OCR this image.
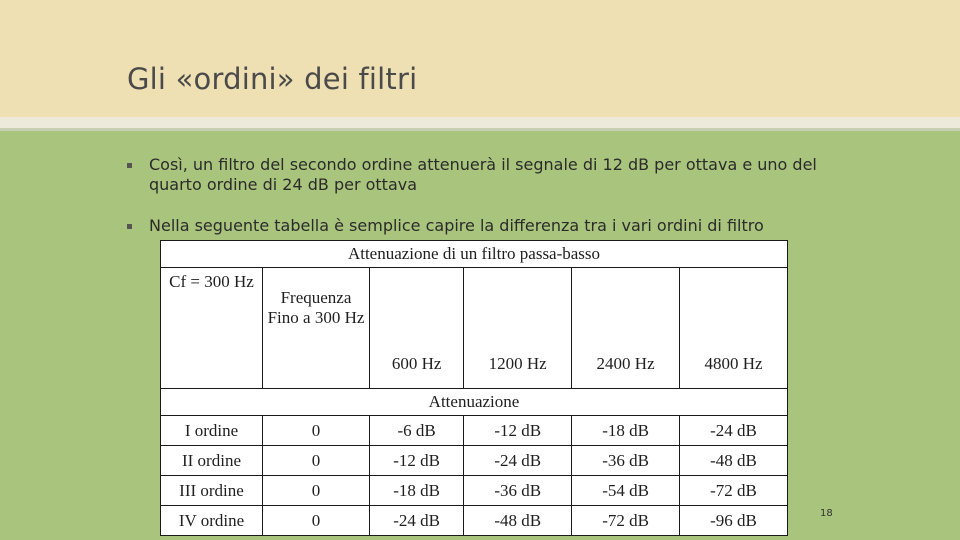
Gli «ordini» dei filtri
Così, un filtro del secondo ordine attenuerà il segnale di 12 dB per ottava e uno del quarto ordine di 24 dB per ottava
Nella seguente tabella è semplice capire la differenza tra i vari ordini di filtro
Attenuazione di un filtro passa-basso					
Cf = 300 Hz	Frequenza Fino a 300 Hz	600 Hz	1200 Hz	2400 Hz	4800 Hz
Attenuazione					
I ordine	0	-6 dB	-12 dB	-18 dB	-24 dB
II ordine	0	-12 dB	-24 dB	-36 dB	-48 dB
III ordine	0	-18 dB	-36 dB	-54 dB	-72 dB
IV ordine	0	-24 dB	-48 dB	-72 dB	-96 dB	18
